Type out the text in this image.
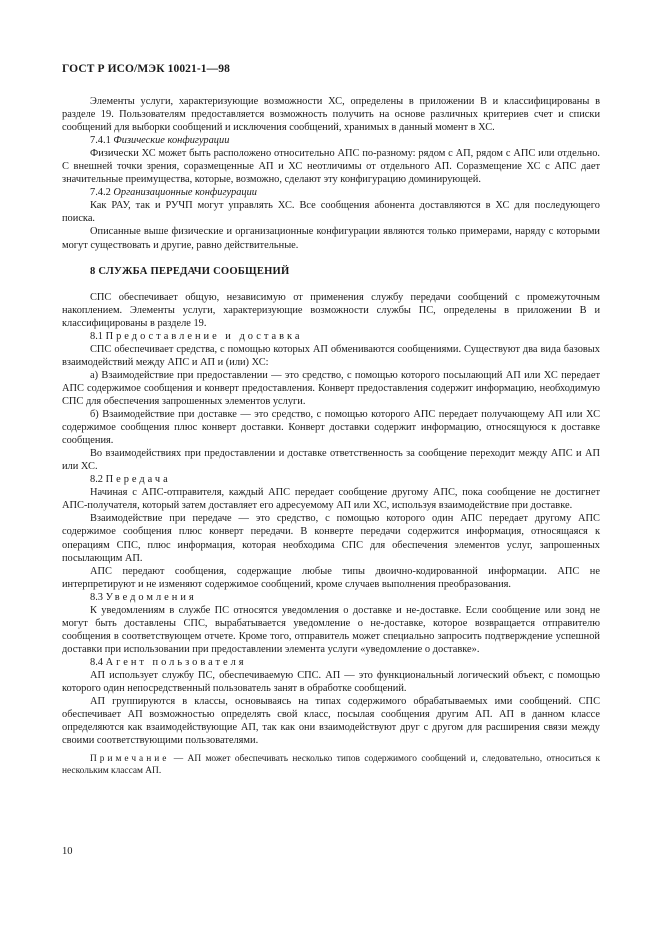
ГОСТ Р ИСО/МЭК 10021-1—98

Элементы услуги, характеризующие возможности ХС, определены в приложении В и классифицированы в разделе 19. Пользователям предоставляется возможность получить на основе различных критериев счет и списки сообщений для выборки сообщений и исключения сообщений, хранимых в данный момент в ХС.

7.4.1 Физические конфигурации

Физически ХС может быть расположено относительно АПС по-разному: рядом с АП, рядом с АПС или отдельно. С внешней точки зрения, соразмещенные АП и ХС неотличимы от отдельного АП. Соразмещение ХС с АПС дает значительные преимущества, которые, возможно, сделают эту конфигурацию доминирующей.

7.4.2 Организационные конфигурации

Как РАУ, так и РУЧП могут управлять ХС. Все сообщения абонента доставляются в ХС для последующего поиска.

Описанные выше физические и организационные конфигурации являются только примерами, наряду с которыми могут существовать и другие, равно действительные.

8 СЛУЖБА ПЕРЕДАЧИ СООБЩЕНИЙ

СПС обеспечивает общую, независимую от применения службу передачи сообщений с промежуточным накоплением. Элементы услуги, характеризующие возможности службы ПС, определены в приложении В и классифицированы в разделе 19.

8.1 Предоставление и доставка

СПС обеспечивает средства, с помощью которых АП обмениваются сообщениями. Существуют два вида базовых взаимодействий между АПС и АП и (или) ХС:

а) Взаимодействие при предоставлении — это средство, с помощью которого посылающий АП или ХС передает АПС содержимое сообщения и конверт предоставления. Конверт предоставления содержит информацию, необходимую СПС для обеспечения запрошенных элементов услуги.

б) Взаимодействие при доставке — это средство, с помощью которого АПС передает получающему АП или ХС содержимое сообщения плюс конверт доставки. Конверт доставки содержит информацию, относящуюся к доставке сообщения.

Во взаимодействиях при предоставлении и доставке ответственность за сообщение переходит между АПС и АП или ХС.

8.2 Передача

Начиная с АПС-отправителя, каждый АПС передает сообщение другому АПС, пока сообщение не достигнет АПС-получателя, который затем доставляет его адресуемому АП или ХС, используя взаимодействие при доставке.

Взаимодействие при передаче — это средство, с помощью которого один АПС передает другому АПС содержимое сообщения плюс конверт передачи. В конверте передачи содержится информация, относящаяся к операциям СПС, плюс информация, которая необходима СПС для обеспечения элементов услуг, запрошенных посылающим АП.

АПС передают сообщения, содержащие любые типы двоично-кодированной информации. АПС не интерпретируют и не изменяют содержимое сообщений, кроме случаев выполнения преобразования.

8.3 Уведомления

К уведомлениям в службе ПС относятся уведомления о доставке и не-доставке. Если сообщение или зонд не могут быть доставлены СПС, вырабатывается уведомление о не-доставке, которое возвращается отправителю сообщения в соответствующем отчете. Кроме того, отправитель может специально запросить подтверждение успешной доставки при использовании при предоставлении элемента услуги «уведомление о доставке».

8.4 Агент пользователя

АП использует службу ПС, обеспечиваемую СПС. АП — это функциональный логический объект, с помощью которого один непосредственный пользователь занят в обработке сообщений.

АП группируются в классы, основываясь на типах содержимого обрабатываемых ими сообщений. СПС обеспечивает АП возможностью определять свой класс, посылая сообщения другим АП. АП в данном классе определяются как взаимодействующие АП, так как они взаимодействуют друг с другом для расширения связи между своими соответствующими пользователями.

Примечание — АП может обеспечивать несколько типов содержимого сообщений и, следовательно, относиться к нескольким классам АП.

10
